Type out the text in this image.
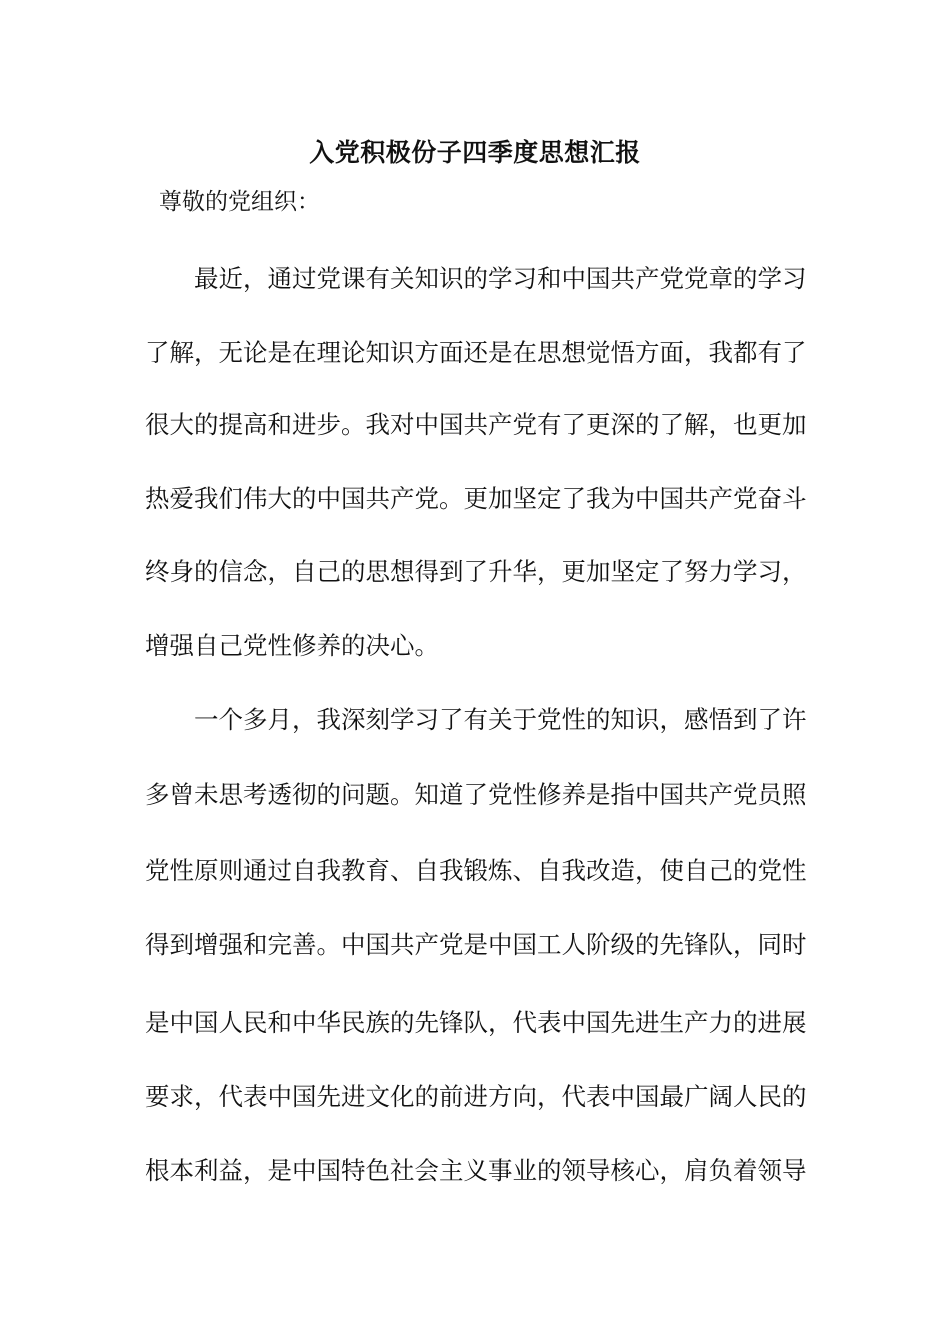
入党积极份子四季度思想汇报
尊敬的党组织：
最近，通过党课有关知识的学习和中国共产党党章的学习
了解，无论是在理论知识方面还是在思想觉悟方面，我都有了
很大的提高和进步。我对中国共产党有了更深的了解，也更加
热爱我们伟大的中国共产党。更加坚定了我为中国共产党奋斗
终身的信念，自己的思想得到了升华，更加坚定了努力学习，
增强自己党性修养的决心。
一个多月，我深刻学习了有关于党性的知识，感悟到了许
多曾未思考透彻的问题。知道了党性修养是指中国共产党员照
党性原则通过自我教育、自我锻炼、自我改造，使自己的党性
得到增强和完善。中国共产党是中国工人阶级的先锋队，同时
是中国人民和中华民族的先锋队，代表中国先进生产力的进展
要求，代表中国先进文化的前进方向，代表中国最广阔人民的
根本利益，是中国特色社会主义事业的领导核心，肩负着领导
